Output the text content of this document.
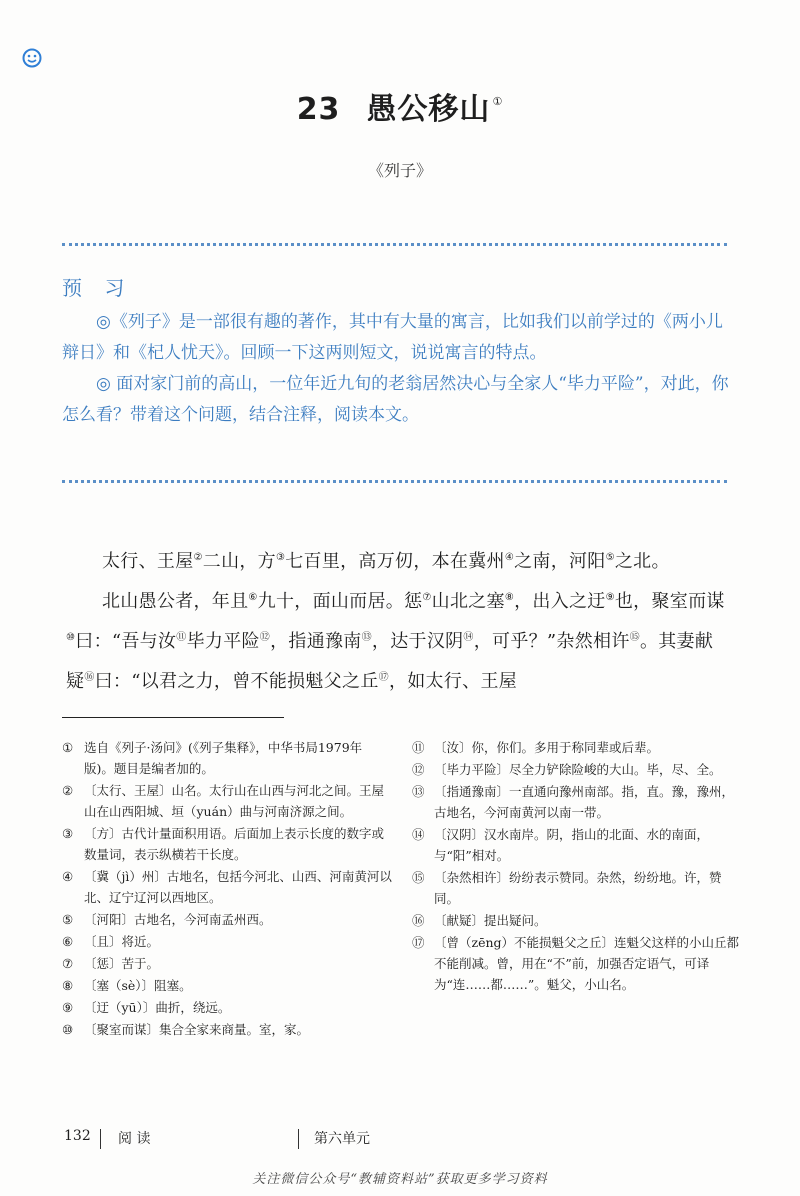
23 愚公移山 ①
《列子》
预 习

◎《列子》是一部很有趣的著作，其中有大量的寓言，比如我们以前学过的《两小儿辩日》和《杞人忧天》。回顾一下这两则短文，说说寓言的特点。

◎ 面对家门前的高山，一位年近九旬的老翁居然决心与全家人“毕力平险”，对此，你怎么看？带着这个问题，结合注释，阅读本文。

太行、王屋②二山，方③七百里，高万仞，本在冀州④之南，河阳⑤之北。

北山愚公者，年且⑥九十，面山而居。惩⑦山北之塞⑧，出入之迂⑨也，聚室而谋⑩曰：“吾与汝⑪毕力平险⑫，指通豫南⑬，达于汉阴⑭，可乎？”杂然相许⑮。其妻献疑⑯曰：“以君之力，曾不能损魁父之丘⑰，如太行、王屋

① 选自《列子·汤问》(《列子集释》，中华书局1979年版)。题目是编者加的。
② 〔太行、王屋〕山名。太行山在山西与河北之间。王屋山在山西阳城、垣（yuán）曲与河南济源之间。
③ 〔方〕古代计量面积用语。后面加上表示长度的数字或数量词，表示纵横若干长度。
④ 〔冀（jì）州〕古地名，包括今河北、山西、河南黄河以北、辽宁辽河以西地区。
⑤ 〔河阳〕古地名，今河南孟州西。
⑥ 〔且〕将近。
⑦ 〔惩〕苦于。
⑧ 〔塞（sè）〕阻塞。
⑨ 〔迂（yū）〕曲折，绕远。
⑩ 〔聚室而谋〕集合全家来商量。室，家。
⑪ 〔汝〕你，你们。多用于称同辈或后辈。
⑫ 〔毕力平险〕尽全力铲除险峻的大山。毕，尽、全。
⑬ 〔指通豫南〕一直通向豫州南部。指，直。豫，豫州，古地名，今河南黄河以南一带。
⑭ 〔汉阴〕汉水南岸。阴，指山的北面、水的南面，与“阳”相对。
⑮ 〔杂然相许〕纷纷表示赞同。杂然，纷纷地。许，赞同。
⑯ 〔献疑〕提出疑问。
⑰ 〔曾（zēng）不能损魁父之丘〕连魁父这样的小山丘都不能削减。曾，用在“不”前，加强否定语气，可译为“连……都……”。魁父，小山名。
132 阅 读	第六单元
关注微信公众号“教辅资料站”获取更多学习资料
